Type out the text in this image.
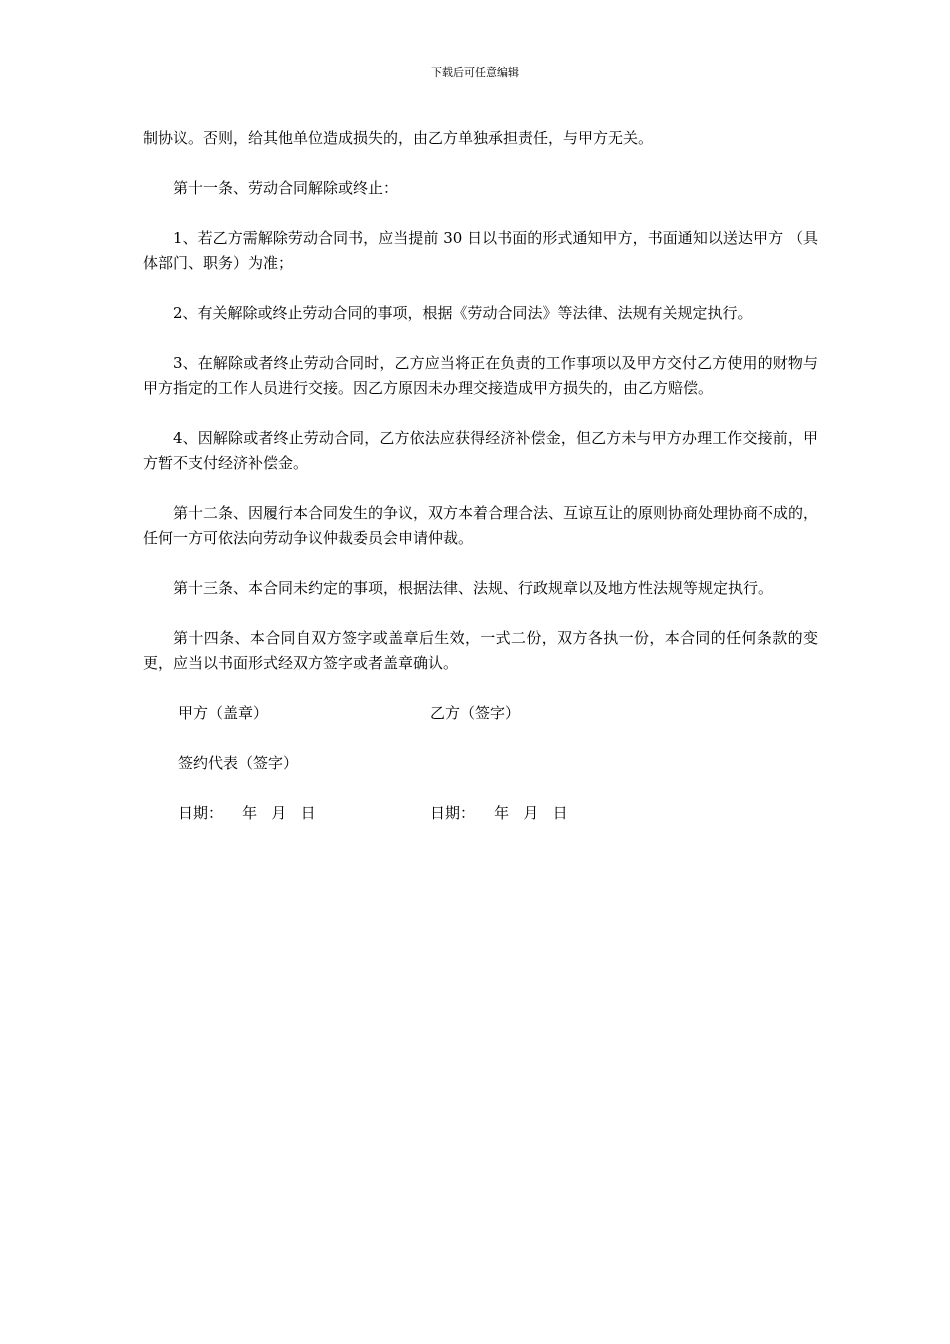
下载后可任意编辑

制协议。否则，给其他单位造成损失的，由乙方单独承担责任，与甲方无关。

第十一条、劳动合同解除或终止：

1、若乙方需解除劳动合同书，应当提前 30 日以书面的形式通知甲方，书面通知以送达甲方 （具体部门、职务）为准；

2、有关解除或终止劳动合同的事项，根据《劳动合同法》等法律、法规有关规定执行。

3、在解除或者终止劳动合同时，乙方应当将正在负责的工作事项以及甲方交付乙方使用的财物与甲方指定的工作人员进行交接。因乙方原因未办理交接造成甲方损失的，由乙方赔偿。

4、因解除或者终止劳动合同，乙方依法应获得经济补偿金，但乙方未与甲方办理工作交接前，甲方暂不支付经济补偿金。

第十二条、因履行本合同发生的争议，双方本着合理合法、互谅互让的原则协商处理协商不成的，任何一方可依法向劳动争议仲裁委员会申请仲裁。

第十三条、本合同未约定的事项，根据法律、法规、行政规章以及地方性法规等规定执行。

第十四条、本合同自双方签字或盖章后生效，一式二份，双方各执一份，本合同的任何条款的变更，应当以书面形式经双方签字或者盖章确认。

甲方（盖章）	乙方（签字）
签约代表（签字）
日期：    年   月   日	日期：    年   月   日
